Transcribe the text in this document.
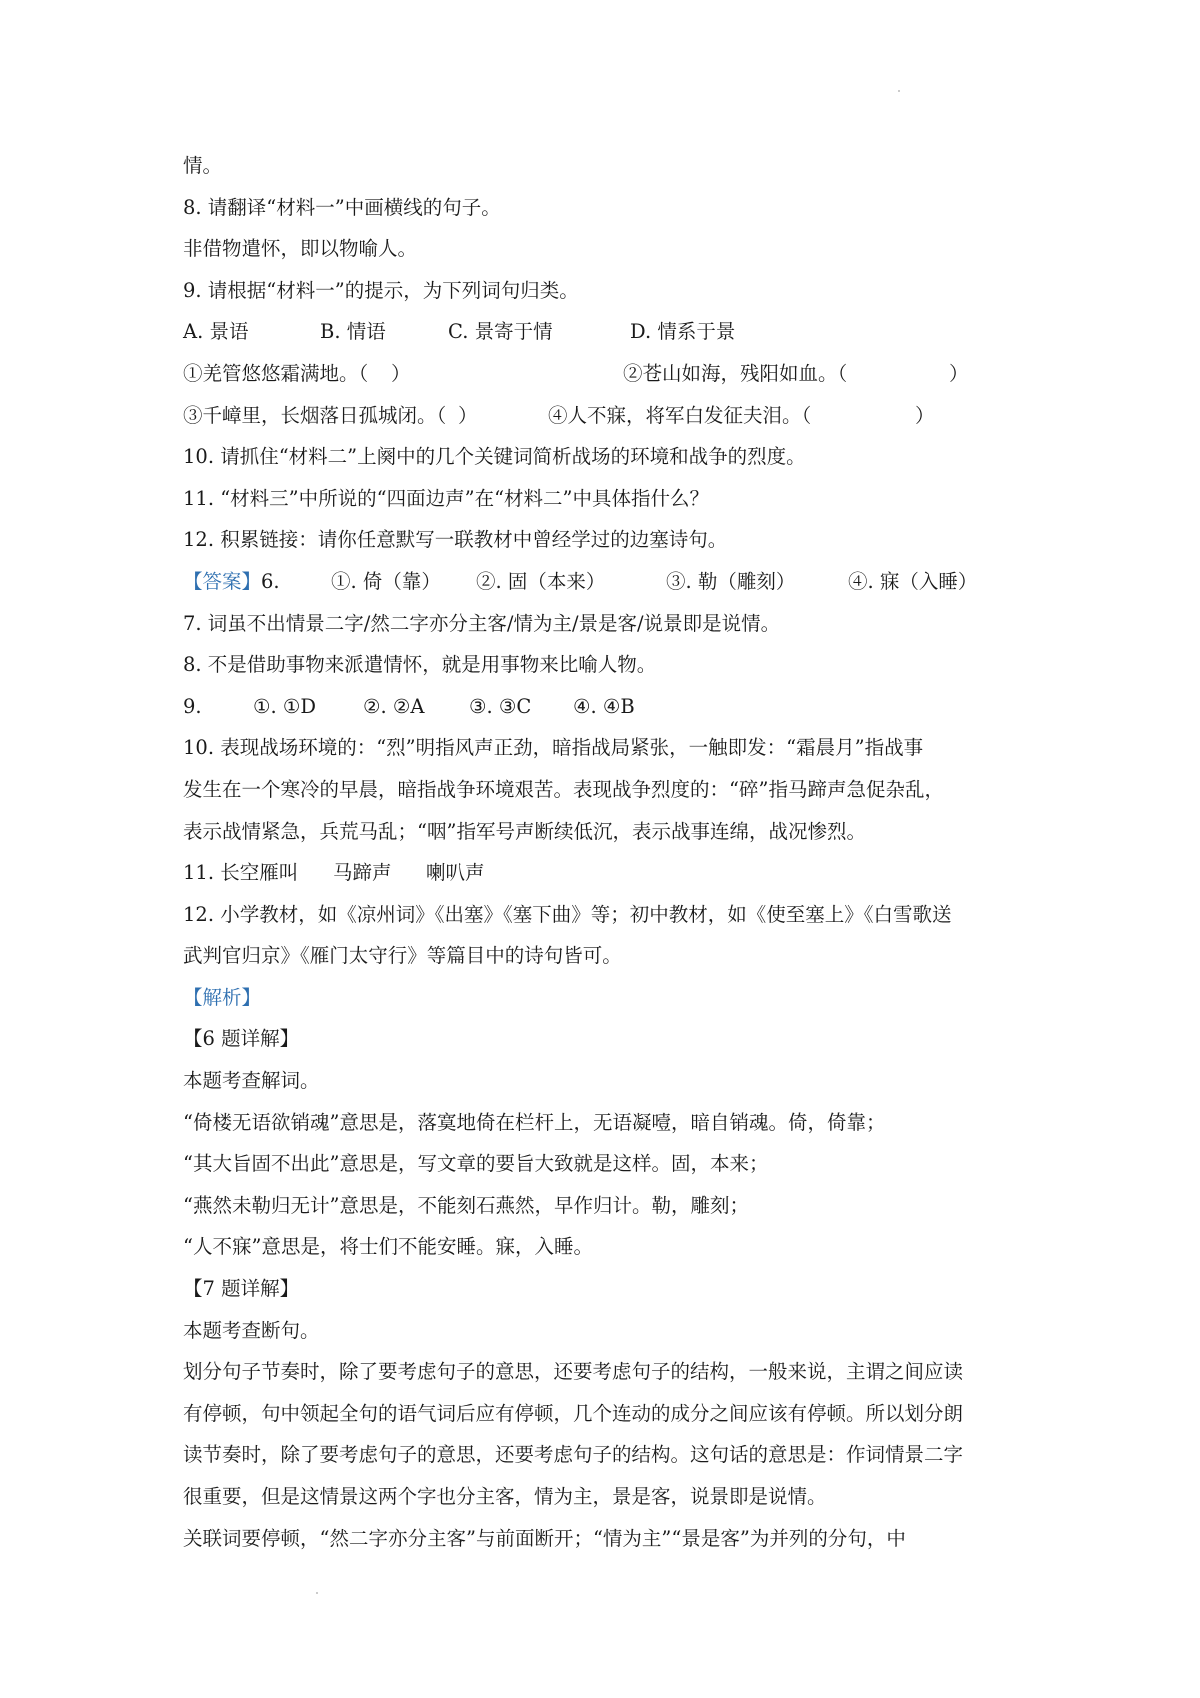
情。
8. 请翻译“材料一”中画横线的句子。
非借物遣怀，即以物喻人。
9. 请根据“材料一”的提示，为下列词句归类。
A. 景语	B. 情语	C. 景寄于情	D. 情系于景
①羌管悠悠霜满地。（ ）	②苍山如海，残阳如血。（	）
③千嶂里，长烟落日孤城闭。（ ）	④人不寐，将军白发征夫泪。（	）
10. 请抓住“材料二”上阕中的几个关键词简析战场的环境和战争的烈度。
11. “材料三”中所说的“四面边声”在“材料二”中具体指什么？
12. 积累链接：请你任意默写一联教材中曾经学过的边塞诗句。
【答案】6.	①. 倚（靠） ②. 固（本来）	③. 勒（雕刻）	④. 寐（入睡）
7. 词虽不出情景二字/然二字亦分主客/情为主/景是客/说景即是说情。
8. 不是借助事物来派遣情怀，就是用事物来比喻人物。
9.	①. ①D ②. ②A ③. ③C ④. ④B
10. 表现战场环境的：“烈”明指风声正劲，暗指战局紧张，一触即发：“霜晨月”指战事
发生在一个寒冷的早晨，暗指战争环境艰苦。表现战争烈度的：“碎”指马蹄声急促杂乱，
表示战情紧急，兵荒马乱；“咽”指军号声断续低沉，表示战事连绵，战况惨烈。
11. 长空雁叫 马蹄声 喇叭声
12. 小学教材，如《凉州词》《出塞》《塞下曲》等；初中教材，如《使至塞上》《白雪歌送
武判官归京》《雁门太守行》等篇目中的诗句皆可。
【解析】
【6 题详解】
本题考查解词。
“倚楼无语欲销魂”意思是，落寞地倚在栏杆上，无语凝噎，暗自销魂。倚，倚靠；
“其大旨固不出此”意思是，写文章的要旨大致就是这样。固，本来；
“燕然未勒归无计”意思是，不能刻石燕然，早作归计。勒，雕刻；
“人不寐”意思是，将士们不能安睡。寐，入睡。
【7 题详解】
本题考查断句。
划分句子节奏时，除了要考虑句子的意思，还要考虑句子的结构，一般来说，主谓之间应读
有停顿，句中领起全句的语气词后应有停顿，几个连动的成分之间应该有停顿。所以划分朗
读节奏时，除了要考虑句子的意思，还要考虑句子的结构。这句话的意思是：作词情景二字
很重要，但是这情景这两个字也分主客，情为主，景是客，说景即是说情。
关联词要停顿，“然二字亦分主客”与前面断开；“情为主”“景是客”为并列的分句，中
